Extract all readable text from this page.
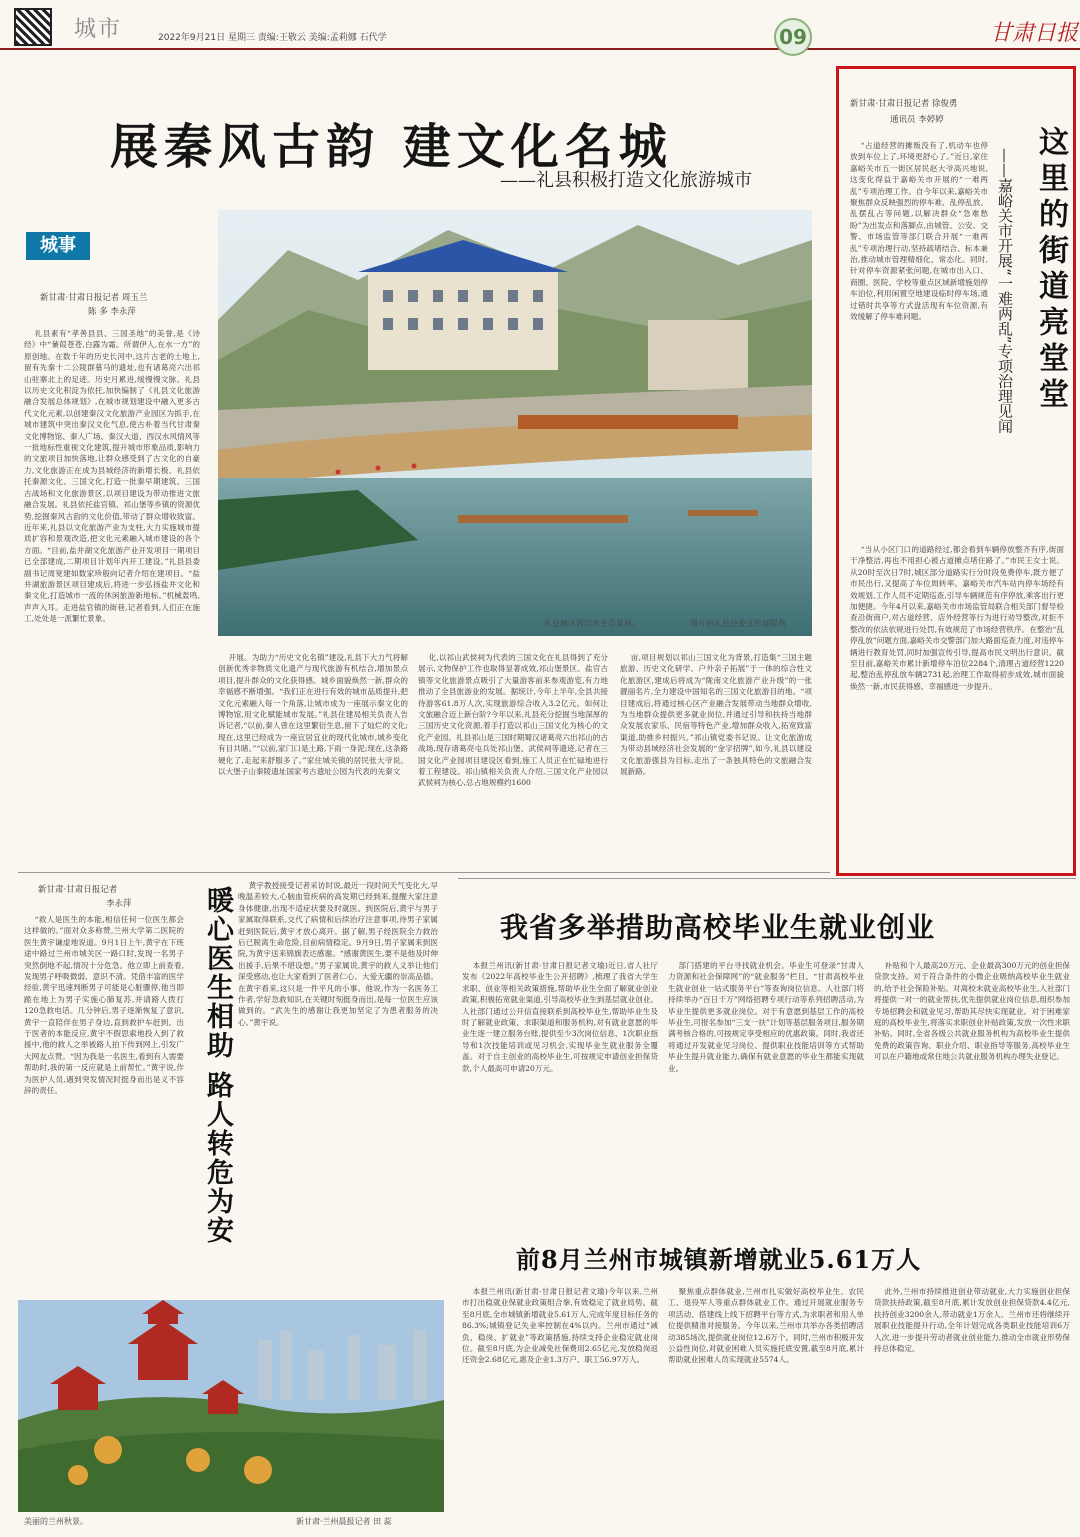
城市	2022年9月21日 星期三 责编:王敬云 美编:孟莉娜 石代学	09	甘肃日报
展秦风古韵 建文化名城
——礼县积极打造文化旅游城市
城事
新甘肃·甘肃日报记者 周玉兰
陈 多 李永萍
礼县素有“孝善县县、三国圣地”的美誉,是《诗经》中“蒹葭苍苍,白露为霜。所谓伊人,在水一方”的原创地。在数千年的历史长河中,这片古老的土地上,留有先秦十二公陵群墓马的遗址,也有诸葛亮六出祁山驻寨北上的足迹。历史月累进,缓慢慢文脉。礼县以历史文化积淀为依托,加快编制了《礼县文化旅游融合发展总体规划》,在城市规划建设中融入更多古代文化元素,以创建秦汉文化旅游产业园区为抓手,在城市建筑中突出秦汉文化气息,使古朴着当代甘肃秦文化博物馆、秦人广场、秦汉大道、西汉水风情风等一批地标性重视文化建筑,提升城市形象品质,影响力的文旅项目加快落地,让群众感受到了古文化的自豪力,文化旅游正在成为县城经济的新增长极。礼县依托秦源文化、三国文化,打造一批秦早期建筑、三国古战场和文化旅游景区,以项目建设为带动推进文旅融合发展。礼县依托盐官镇、祁山堡等乡镇的资源优势,挖掘秦风古韵的文化价值,带动了群众增收致富。近年来,礼县以文化旅游产业为支柱,大力实施城市提质扩容和景观改造,把文化元素融入城市建设的各个方面。“目前,盐井湖文化旅游产业开发项目一期项目已全部建成,二期项目计划年内开工建设。”礼县县委副书记周宽建如数家珍般向记者介绍在建项目。“盐井湖旅游景区项目建成后,将进一步弘扬盐井文化和秦文化,打造城市一流的休闲旅游新地标。”机械轰鸣,声声入耳。走进盐官镇的街巷,记者看到,人们正在施工,处处是一派繁忙景象。
礼县城区西汉水生态景观。	图片由礼县县委宣传部提供
开展。为助力“历史文化名镇”建设,礼县下大力气将解创新优秀非物质文化遗产与现代旅游有机结合,增加景点项目,提升群众的文化获得感。城乡面貌焕然一新,群众的幸福感不断增强。“我们正在进行有效的城市品质提升,把文化元素融入每一个角落,让城市成为一座展示秦文化的博物馆,用文化赋能城市发展。”礼县住建局相关负责人告诉记者,“以前,秦人曾在这里繁衍生息,留下了灿烂的文化;现在,这里已经成为一座宜居宜业的现代化城市,城乡变化有目共睹。”“以前,家门口是土路,下雨一身泥;现在,这条路硬化了,走起来舒服多了。”家住城关镇的居民张大爷说。以大堡子山秦陵遗址国家考古遗址公园为代表的先秦文
化,以祁山武侯祠为代表的三国文化在礼县得到了充分展示,文物保护工作也取得显著成效,祁山堡景区、盐官古镇等文化旅游景点吸引了大量游客前来参观游览,有力地推动了全县旅游业的发展。据统计,今年上半年,全县共接待游客61.8万人次,实现旅游综合收入3.2亿元。如何让文旅融合迈上新台阶?今年以来,礼县充分挖掘当地深厚的三国历史文化资源,着手打造以祁山三国文化为核心的文化产业园。礼县祁山是三国时期蜀汉诸葛亮六出祁山的古战场,现存诸葛亮屯兵处祁山堡、武侯祠等遗迹,记者在三国文化产业园项目建设区看到,施工人员正在忙碌地进行着工程建设。祁山镇相关负责人介绍,三国文化产业园以武侯祠为核心,总占地规模约1600
亩,项目规划以祁山三国文化为背景,打造集“三国主题旅游、历史文化研学、户外亲子拓展”于一体的综合性文化旅游区,建成后将成为“陇南文化旅游产业升级”的一张靓丽名片,全力建设中国知名的三国文化旅游目的地。“项目建成后,将通过核心区产业融合发展带动当地群众增收,为当地群众提供更多就业岗位,并通过引导和扶持当地群众发展农家乐、民宿等特色产业,增加群众收入,拓宽致富渠道,助推乡村振兴。”祁山镇党委书记说。让文化旅游成为带动县域经济社会发展的“金字招牌”,如今,礼县以建设文化旅游强县为目标,走出了一条独具特色的文旅融合发展新路。
新甘肃·甘肃日报记者 徐俊勇
通讯员 李婷婷
这里的街道亮堂堂
——嘉峪关市开展“一难两乱”专项治理见闻
“占道经营的摊贩没有了,机动车也停放到车位上了,环境更舒心了。”近日,家住嘉峪关市五一街区居民赵大爷高兴地说,这变化得益于嘉峪关市开展的“一难两乱”专项治理工作。自今年以来,嘉峪关市聚焦群众反映强烈的停车难、乱停乱放、乱摆乱占等问题,以解决群众“急难愁盼”为出发点和落脚点,由城管、公安、交警、市场监管等部门联合开展“一难两乱”专项治理行动,坚持疏堵结合、标本兼治,推动城市管理精细化、常态化。同时,针对停车资源紧张问题,在城市出入口、商圈、医院、学校等重点区域新增施划停车泊位,利用闲置空地建设临时停车场,通过错时共享等方式盘活现有车位资源,有效缓解了停车难问题。
“当从小区门口的道路经过,都会看到车辆停放整齐有序,街面干净整洁,再也不用担心被占道摊点堵住路了。”市民王女士说。从20时至次日7时,城区部分道路实行分时段免费停车,既方便了市民出行,又提高了车位周转率。嘉峪关市汽车站内停车场经有效规划,工作人员不定期巡查,引导车辆规范有序停放,乘客出行更加便捷。今年4月以来,嘉峪关市市场监管局联合相关部门督导检查沿街商户,对占道经营、店外经营等行为进行劝导整改,对拒不整改的依法依规进行处罚,有效规范了市场经营秩序。在整治“乱停乱放”问题方面,嘉峪关市交警部门加大路面巡查力度,对违停车辆进行教育处罚,同时加强宣传引导,提高市民文明出行意识。截至目前,嘉峪关市累计新增停车泊位2284个,清理占道经营1220起,整治乱停乱放车辆2731起,治理工作取得初步成效,城市面貌焕然一新,市民获得感、幸福感进一步提升。
新甘肃·甘肃日报记者
李永萍	暖心医生相助 路人转危为安
“救人是医生的本能,相信任何一位医生都会这样做的。”面对众多称赞,兰州大学第二医院的医生黄宇谦虚地说道。9月1日上午,黄宇在下班途中路过兰州市城关区一路口时,发现一名男子突然倒地不起,情况十分危急。他立即上前查看,发现男子呼吸微弱、意识不清。凭借丰富的医学经验,黄宇迅速判断男子可能是心脏骤停,他当即跪在地上为男子实施心肺复苏,并请路人拨打120急救电话。几分钟后,男子逐渐恢复了意识,黄宇一直陪伴在男子身边,直到救护车赶到。出于医者的本能反应,黄宇不假思索地投入到了救援中,他的救人之举被路人拍下传到网上,引发广大网友点赞。“因为我是一名医生,看到有人需要帮助时,我的第一反应就是上前帮忙。”黄宇说,作为医护人员,遇到突发情况时挺身而出是义不容辞的责任。
黄宇教授接受记者采访时说,最近一段时间天气变化大,早晚温差较大,心脑血管疾病的高发期已经到来,提醒大家注意身体健康,出现不适症状要及时就医。到医院后,黄宇与男子家属取得联系,交代了病情和后续治疗注意事项,待男子家属赶到医院后,黄宇才放心离开。据了解,男子经医院全力救治后已脱离生命危险,目前病情稳定。9月9日,男子家属来到医院,为黄宇送来锦旗表达感谢。“感谢黄医生,要不是他及时伸出援手,后果不堪设想。”男子家属说,黄宇的救人义举让他们深受感动,也让大家看到了医者仁心、大爱无疆的崇高品德。在黄宇看来,这只是一件平凡的小事。他说,作为一名医务工作者,学好急救知识,在关键时刻挺身而出,是每一位医生应该做到的。“武先生的感谢让我更加坚定了为患者服务的决心。”黄宇说。
美丽的兰州秋景。	新甘肃·兰州晨报记者 田 蕊
我省多举措助高校毕业生就业创业
本报兰州讯(新甘肃·甘肃日报记者文瑜)近日,省人社厅发布《2022年高校毕业生公开招聘》,梳理了我省大学生求职、创业等相关政策措施,帮助毕业生全面了解就业创业政策,积极拓宽就业渠道,引导高校毕业生到基层就业创业。人社部门通过公开信直接联系到高校毕业生,帮助毕业生及时了解就业政策、求职渠道和服务机构,对有就业意愿的毕业生逐一建立服务台账,提供至少3次岗位信息、1次职业指导和1次技能培训或见习机会,实现毕业生就业服务全覆盖。对于自主创业的高校毕业生,可按规定申请创业担保贷款,个人最高可申请20万元。
部门搭建的平台寻找就业机会。毕业生可登录“甘肃人力资源和社会保障网”的“就业服务”栏目、“甘肃高校毕业生就业创业一站式服务平台”等查询岗位信息。人社部门将持续举办“百日千万”网络招聘专项行动等系列招聘活动,为毕业生提供更多就业岗位。对于有意愿到基层工作的高校毕业生,可报名参加“三支一扶”计划等基层服务项目,服务期满考核合格的,可按规定享受相应的优惠政策。同时,我省还将通过开发就业见习岗位、提供职业技能培训等方式帮助毕业生提升就业能力,确保有就业意愿的毕业生都能实现就业。
补贴和个人最高20万元、企业最高300万元的创业担保贷款支持。对于符合条件的小微企业吸纳高校毕业生就业的,给予社会保险补贴。对离校未就业高校毕业生,人社部门将提供一对一的就业帮扶,优先提供就业岗位信息,组织参加专场招聘会和就业见习,帮助其尽快实现就业。对于困难家庭的高校毕业生,将落实求职创业补贴政策,发放一次性求职补贴。同时,全省各级公共就业服务机构为高校毕业生提供免费的政策咨询、职业介绍、职业指导等服务,高校毕业生可以在户籍地或常住地公共就业服务机构办理失业登记。
前8月兰州市城镇新增就业5.61万人
本报兰州讯(新甘肃·甘肃日报记者文瑜)今年以来,兰州市打出稳就业保就业政策组合拳,有效稳定了就业局势。截至8月底,全市城镇新增就业5.61万人,完成年度目标任务的86.3%;城镇登记失业率控制在4%以内。兰州市通过“减负、稳岗、扩就业”等政策措施,持续支持企业稳定就业岗位。截至8月底,为企业减免社保费用2.65亿元,发放稳岗返还资金2.68亿元,惠及企业1.3万户、职工56.97万人。
聚焦重点群体就业,兰州市扎实做好高校毕业生、农民工、退役军人等重点群体就业工作。通过开展就业服务专项活动、搭建线上线下招聘平台等方式,为求职者和用人单位提供精准对接服务。今年以来,兰州市共举办各类招聘活动385场次,提供就业岗位12.6万个。同时,兰州市积极开发公益性岗位,对就业困难人员实施托底安置,截至8月底,累计帮助就业困难人员实现就业5574人。
此外,兰州市持续推进创业带动就业,大力实施创业担保贷款扶持政策,截至8月底,累计发放创业担保贷款4.4亿元,扶持创业3200余人,带动就业1万余人。兰州市还将继续开展职业技能提升行动,全年计划完成各类职业技能培训6万人次,进一步提升劳动者就业创业能力,推动全市就业形势保持总体稳定。
